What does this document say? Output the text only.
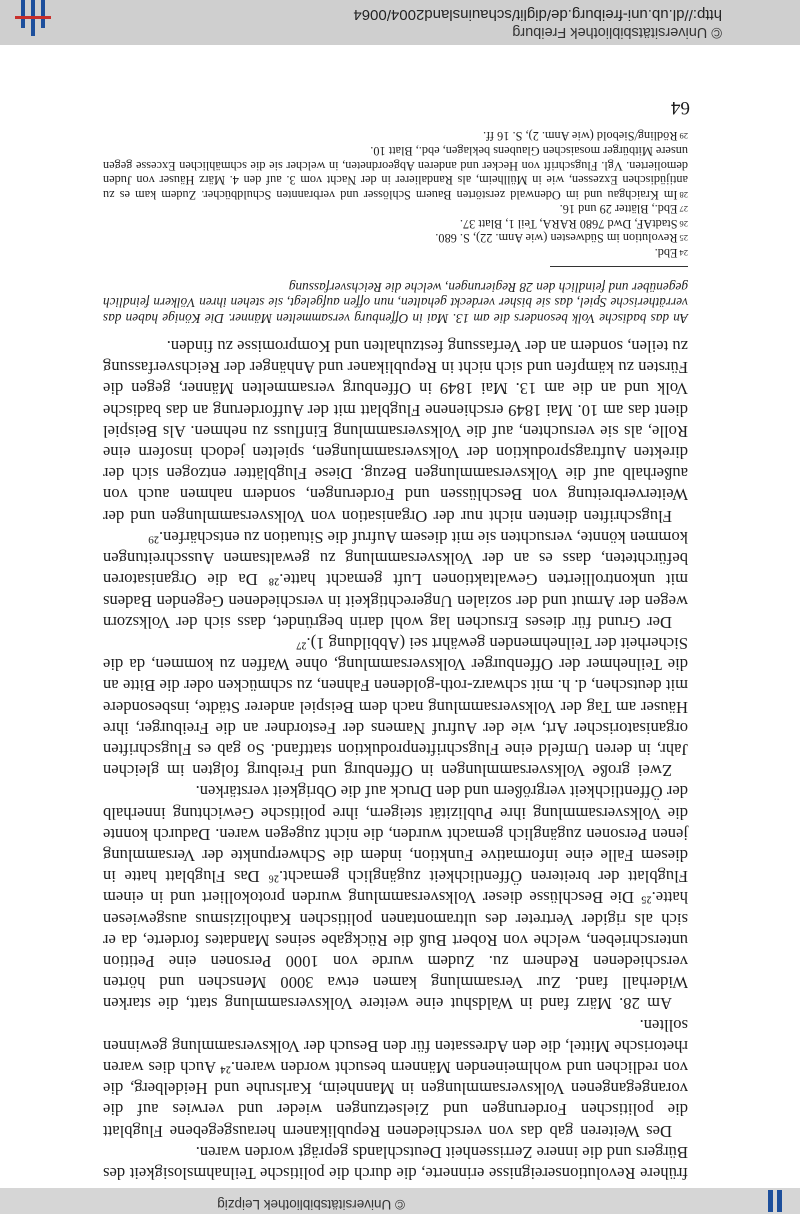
© Universitätsbibliothek Leipzig

frühere Revolutionsereignisse erinnerte, die durch die politische Teilnahmslosigkeit des Bürgers und die innere Zerrissenheit Deutschlands geprägt worden waren.

Des Weiteren gab das von verschiedenen Republikanern herausgegebene Flugblatt die politischen Forderungen und Zielsetzungen wieder und verwies auf die vorangegangenen Volksversammlungen in Mannheim, Karlsruhe und Heidelberg, die von redlichen und wohlmeinenden Männern besucht worden waren.²⁴ Auch dies waren rhetorische Mittel, die den Adressaten für den Besuch der Volksversammlung gewinnen sollten.

Am 28. März fand in Waldshut eine weitere Volksversammlung statt, die starken Widerhall fand. Zur Versammlung kamen etwa 3000 Menschen und hörten verschiedenen Rednern zu. Zudem wurde von 1000 Personen eine Petition unterschrieben, welche von Robert Buß die Rückgabe seines Mandates forderte, da er sich als rigider Vertreter des ultramontanen politischen Katholizismus ausgewiesen hatte.²⁵ Die Beschlüsse dieser Volksversammlung wurden protokolliert und in einem Flugblatt der breiteren Öffentlichkeit zugänglich gemacht.²⁶ Das Flugblatt hatte in diesem Falle eine informative Funktion, indem die Schwerpunkte der Versammlung jenen Personen zugänglich gemacht wurden, die nicht zugegen waren. Dadurch konnte die Volksversammlung ihre Publizität steigern, ihre politische Gewichtung innerhalb der Öffentlichkeit vergrößern und den Druck auf die Obrigkeit verstärken.

Zwei große Volksversammlungen in Offenburg und Freiburg folgten im gleichen Jahr, in deren Umfeld eine Flugschriftenproduktion stattfand. So gab es Flugschriften organisatorischer Art, wie der Aufruf Namens der Festordner an die Freiburger, ihre Häuser am Tag der Volksversammlung nach dem Beispiel anderer Städte, insbesondere mit deutschen, d. h. mit schwarz-roth-goldenen Fahnen, zu schmücken oder die Bitte an die Teilnehmer der Offenburger Volksversammlung, ohne Waffen zu kommen, da die Sicherheit der Teilnehmenden gewährt sei (Abbildung 1).²⁷

Der Grund für dieses Ersuchen lag wohl darin begründet, dass sich der Volkszorn wegen der Armut und der sozialen Ungerechtigkeit in verschiedenen Gegenden Badens mit unkontrollierten Gewaltaktionen Luft gemacht hatte.²⁸ Da die Organisatoren befürchteten, dass es an der Volksversammlung zu gewaltsamen Ausschreitungen kommen könnte, versuchten sie mit diesem Aufruf die Situation zu entschärfen.²⁹

Flugschriften dienten nicht nur der Organisation von Volksversammlungen und der Weiterverbreitung von Beschlüssen und Forderungen, sondern nahmen auch von außerhalb auf die Volksversammlungen Bezug. Diese Flugblätter entzogen sich der direkten Auftragsproduktion der Volksversammlungen, spielten jedoch insofern eine Rolle, als sie versuchten, auf die Volksversammlung Einfluss zu nehmen. Als Beispiel dient das am 10. Mai 1849 erschienene Flugblatt mit der Aufforderung an das badische Volk und an die am 13. Mai 1849 in Offenburg versammelten Männer, gegen die Fürsten zu kämpfen und sich nicht in Republikaner und Anhänger der Reichsverfassung zu teilen, sondern an der Verfassung festzuhalten und Kompromisse zu finden.

An das badische Volk besonders die am 13. Mai in Offenburg versammelten Männer. Die Könige haben das verrätherische Spiel, das sie bisher verdeckt gehalten, nun offen aufgelegt, sie stehen ihren Völkern feindlich gegenüber und feindlich den 28 Regierungen, welche die Reichsverfassung

$^{24}$Ebd.

$^{25}$Revolution im Südwesten (wie Anm. 22), S. 680.

$^{26}$StadtAF, Dwd 7680 RARA, Teil 1, Blatt 37.

$^{27}$Ebd., Blätter 29 und 16.

$^{28}$Im Kraichgau und im Odenwald zerstörten Bauern Schlösser und verbrannten Schuldbücher. Zudem kam es zu antijüdischen Exzessen, wie in Müllheim, als Randalierer in der Nacht vom 3. auf den 4. März Häuser von Juden demolierten. Vgl. Flugschrift von Hecker und anderen Abgeordneten, in welcher sie die schmählichen Excesse gegen unsere Mitbürger mosaischen Glaubens beklagen, ebd., Blatt 10.

$^{29}$Rödling/Siebold (wie Anm. 2), S. 16 ff.

64
© Universitätsbibliothek Freiburg
http://dl.ub.uni-freiburg.de/diglit/schauinsland2004/0064
